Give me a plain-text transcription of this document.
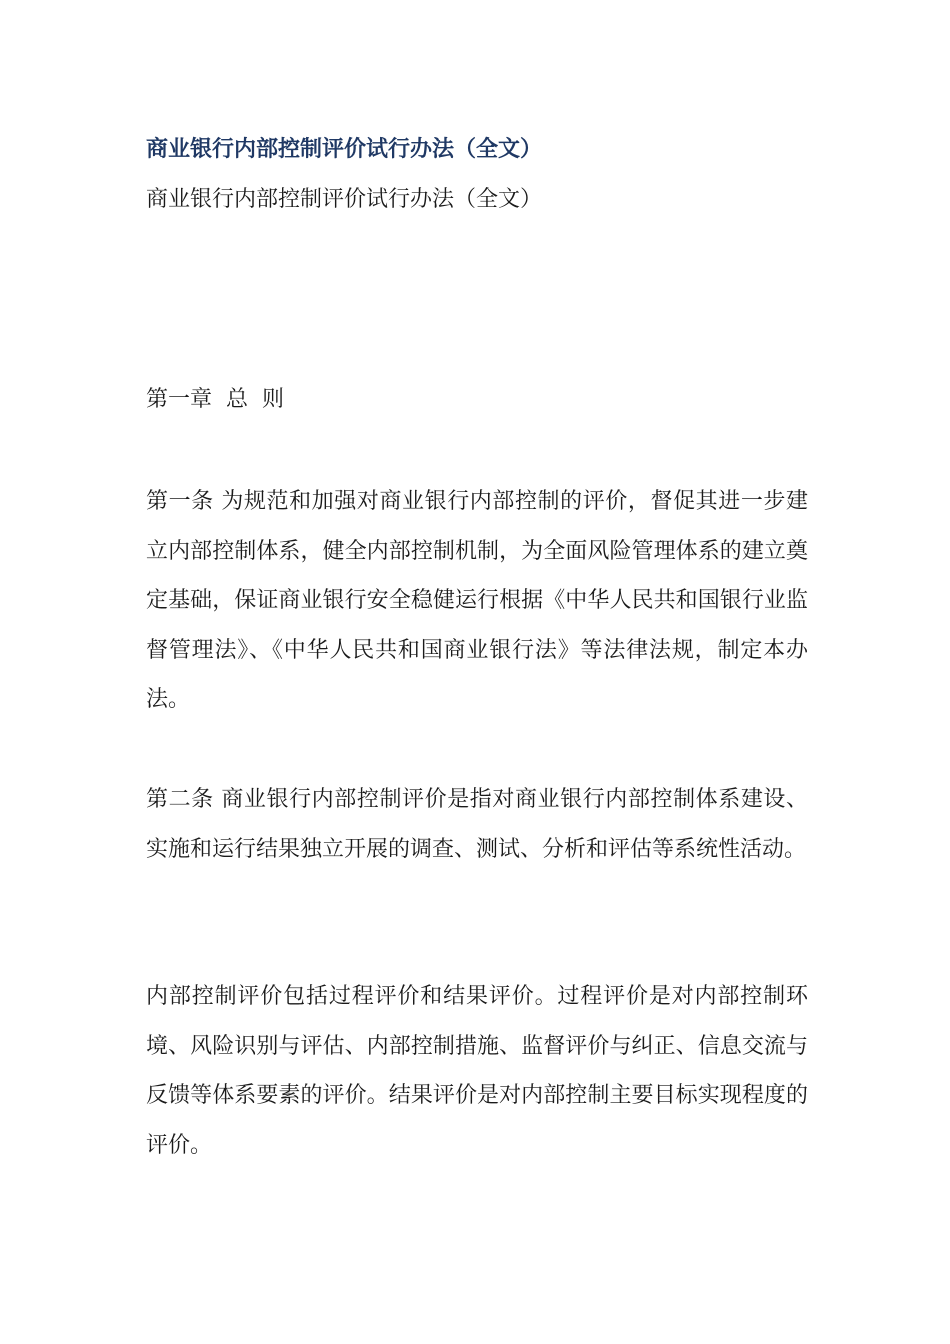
商业银行内部控制评价试行办法（全文）
商业银行内部控制评价试行办法（全文）
第一章  总  则
第一条 为规范和加强对商业银行内部控制的评价，督促其进一步建立内部控制体系，健全内部控制机制，为全面风险管理体系的建立奠定基础，保证商业银行安全稳健运行根据《中华人民共和国银行业监督管理法》、《中华人民共和国商业银行法》等法律法规，制定本办法。
第二条 商业银行内部控制评价是指对商业银行内部控制体系建设、实施和运行结果独立开展的调查、测试、分析和评估等系统性活动。
内部控制评价包括过程评价和结果评价。过程评价是对内部控制环境、风险识别与评估、内部控制措施、监督评价与纠正、信息交流与反馈等体系要素的评价。结果评价是对内部控制主要目标实现程度的评价。
